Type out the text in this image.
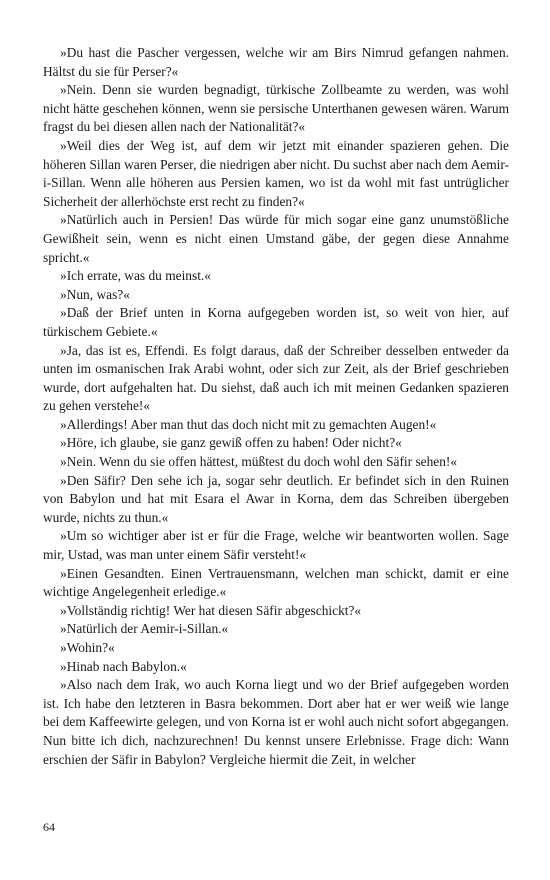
»Du hast die Pascher vergessen, welche wir am Birs Nimrud gefangen nahmen. Hältst du sie für Perser?«

»Nein. Denn sie wurden begnadigt, türkische Zollbeamte zu werden, was wohl nicht hätte geschehen können, wenn sie persische Unterthanen gewesen wären. Warum fragst du bei diesen allen nach der Nationalität?«

»Weil dies der Weg ist, auf dem wir jetzt mit einander spazieren gehen. Die höheren Sillan waren Perser, die niedrigen aber nicht. Du suchst aber nach dem Aemir-i-Sillan. Wenn alle höheren aus Persien kamen, wo ist da wohl mit fast untrüglicher Sicherheit der allerhöchste erst recht zu finden?«

»Natürlich auch in Persien! Das würde für mich sogar eine ganz unumstößliche Gewißheit sein, wenn es nicht einen Umstand gäbe, der gegen diese Annahme spricht.«

»Ich errate, was du meinst.«

»Nun, was?«

»Daß der Brief unten in Korna aufgegeben worden ist, so weit von hier, auf türkischem Gebiete.«

»Ja, das ist es, Effendi. Es folgt daraus, daß der Schreiber desselben entweder da unten im osmanischen Irak Arabi wohnt, oder sich zur Zeit, als der Brief geschrieben wurde, dort aufgehalten hat. Du siehst, daß auch ich mit meinen Gedanken spazieren zu gehen verstehe!«

»Allerdings! Aber man thut das doch nicht mit zu gemachten Augen!«

»Höre, ich glaube, sie ganz gewiß offen zu haben! Oder nicht?«

»Nein. Wenn du sie offen hättest, müßtest du doch wohl den Säfir sehen!«

»Den Säfir? Den sehe ich ja, sogar sehr deutlich. Er befindet sich in den Ruinen von Babylon und hat mit Esara el Awar in Korna, dem das Schreiben übergeben wurde, nichts zu thun.«

»Um so wichtiger aber ist er für die Frage, welche wir beantworten wollen. Sage mir, Ustad, was man unter einem Säfir versteht!«

»Einen Gesandten. Einen Vertrauensmann, welchen man schickt, damit er eine wichtige Angelegenheit erledige.«

»Vollständig richtig! Wer hat diesen Säfir abgeschickt?«

»Natürlich der Aemir-i-Sillan.«

»Wohin?«

»Hinab nach Babylon.«

»Also nach dem Irak, wo auch Korna liegt und wo der Brief aufgegeben worden ist. Ich habe den letzteren in Basra bekommen. Dort aber hat er wer weiß wie lange bei dem Kaffeewirte gelegen, und von Korna ist er wohl auch nicht sofort abgegangen. Nun bitte ich dich, nachzurechnen! Du kennst unsere Erlebnisse. Frage dich: Wann erschien der Säfir in Babylon? Vergleiche hiermit die Zeit, in welcher

64
